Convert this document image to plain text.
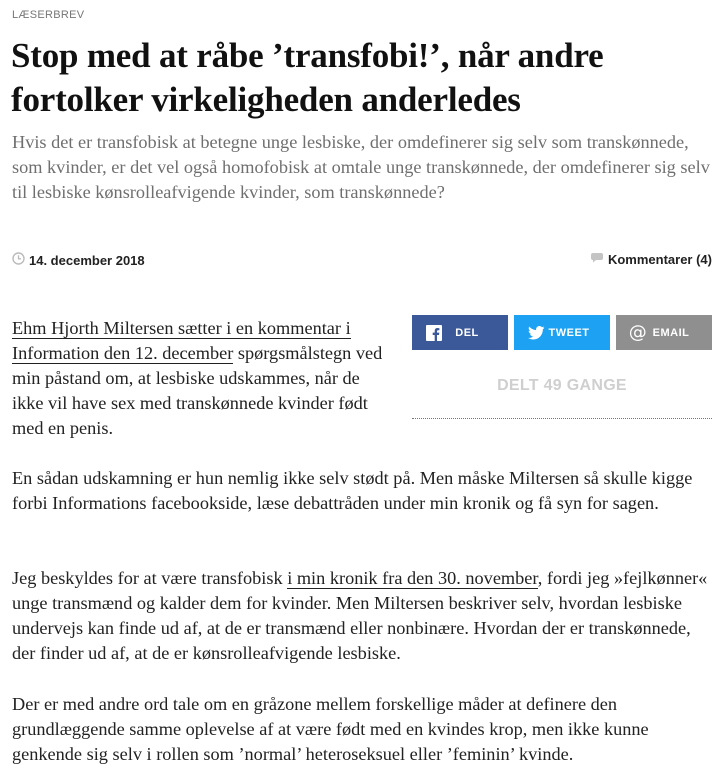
LÆSERBREV
Stop med at råbe ’transfobi!’, når andre fortolker virkeligheden anderledes

Hvis det er transfobisk at betegne unge lesbiske, der omdefinerer sig selv som transkønnede, som kvinder, er det vel også homofobisk at omtale unge transkønnede, der omdefinerer sig selv til lesbiske kønsrolleafvigende kvinder, som transkønnede?

14. december 2018	Kommentarer (4)
DEL	TWEET	@ EMAIL
DELT 49 GANGE

Ehm Hjorth Miltersen sætter i en kommentar i Information den 12. december spørgsmålstegn ved min påstand om, at lesbiske udskammes, når de ikke vil have sex med transkønnede kvinder født med en penis.

En sådan udskamning er hun nemlig ikke selv stødt på. Men måske Miltersen så skulle kigge forbi Informations facebookside, læse debattråden under min kronik og få syn for sagen.

Jeg beskyldes for at være transfobisk i min kronik fra den 30. november, fordi jeg »fejlkønner« unge transmænd og kalder dem for kvinder. Men Miltersen beskriver selv, hvordan lesbiske undervejs kan finde ud af, at de er transmænd eller nonbinære. Hvordan der er transkønnede, der finder ud af, at de er kønsrolleafvigende lesbiske.

Der er med andre ord tale om en gråzone mellem forskellige måder at definere den grundlæggende samme oplevelse af at være født med en kvindes krop, men ikke kunne genkende sig selv i rollen som ’normal’ heteroseksuel eller ’feminin’ kvinde.
